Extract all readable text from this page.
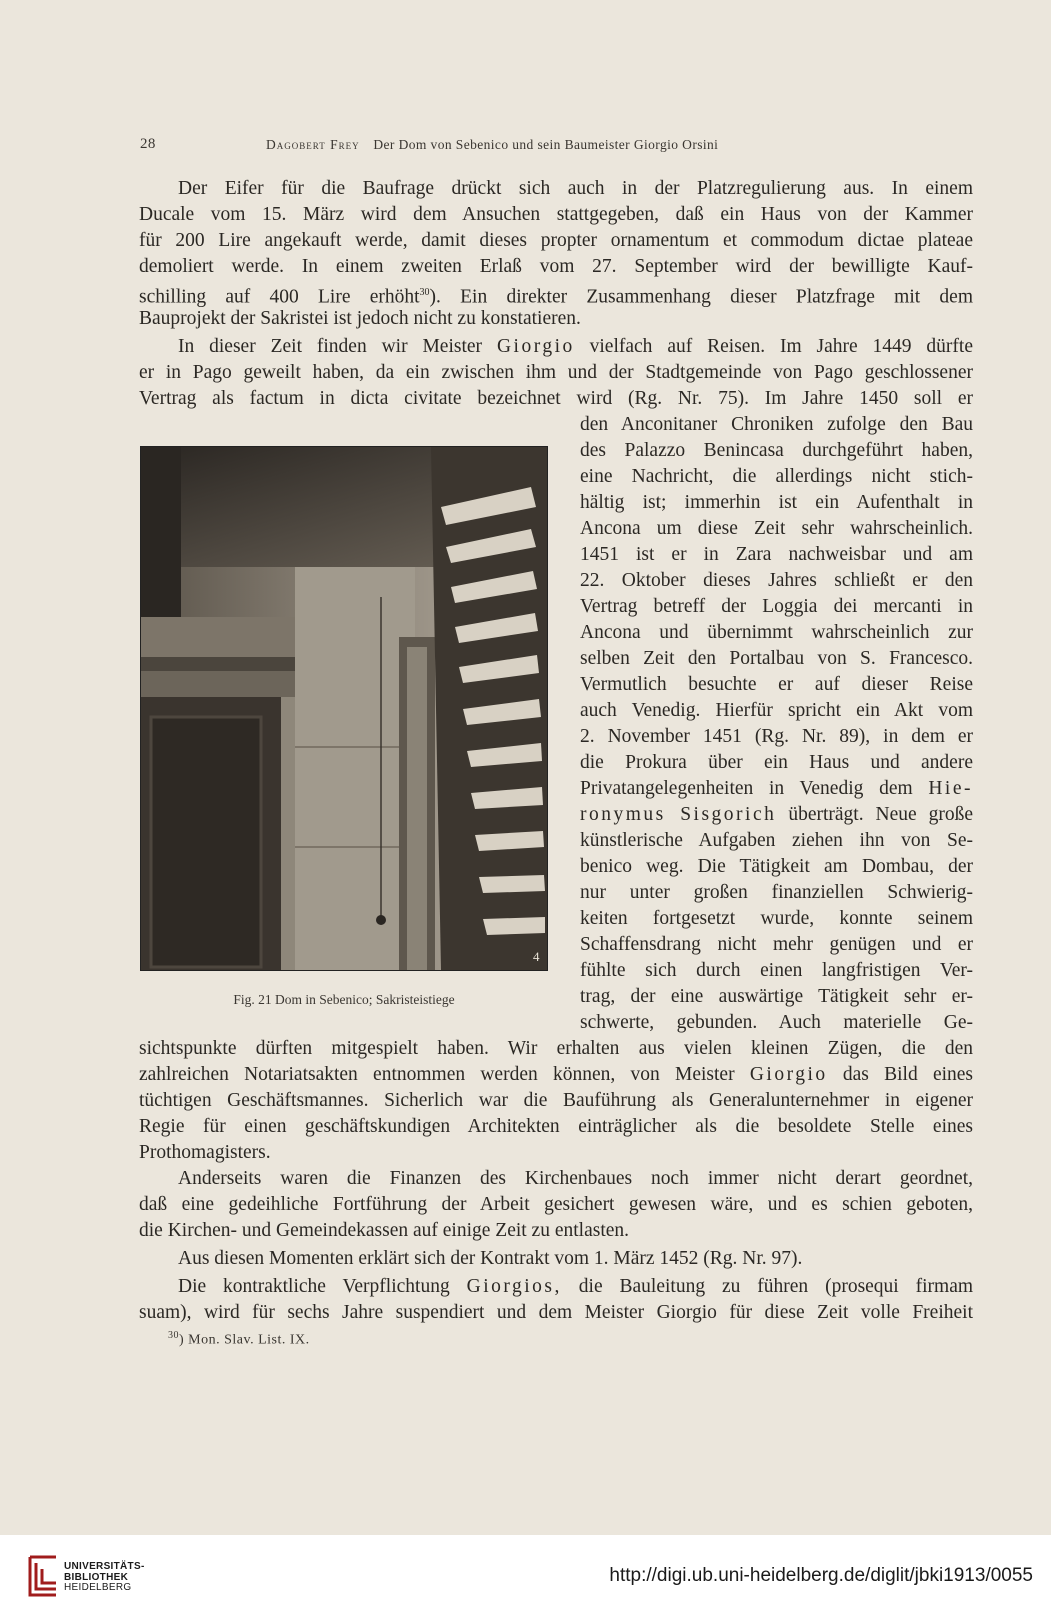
28	Dagobert Frey Der Dom von Sebenico und sein Baumeister Giorgio Orsini
Der Eifer für die Baufrage drückt sich auch in der Platzregulierung aus. In einem
Ducale vom 15. März wird dem Ansuchen stattgegeben, daß ein Haus von der Kammer
für 200 Lire angekauft werde, damit dieses propter ornamentum et commodum dictae plateae
demoliert werde. In einem zweiten Erlaß vom 27. September wird der bewilligte Kauf-
schilling auf 400 Lire erhöht$^{30}$). Ein direkter Zusammenhang dieser Platzfrage mit dem
Bauprojekt der Sakristei ist jedoch nicht zu konstatieren.
In dieser Zeit finden wir Meister Giorgio vielfach auf Reisen. Im Jahre 1449 dürfte
er in Pago geweilt haben, da ein zwischen ihm und der Stadtgemeinde von Pago geschlossener
Vertrag als factum in dicta civitate bezeichnet wird (Rg. Nr. 75). Im Jahre 1450 soll er
den Anconitaner Chroniken zufolge den Bau
des Palazzo Benincasa durchgeführt haben,
eine Nachricht, die allerdings nicht stich-
hältig ist; immerhin ist ein Aufenthalt in
Ancona um diese Zeit sehr wahrscheinlich.
1451 ist er in Zara nachweisbar und am
22. Oktober dieses Jahres schließt er den
Vertrag betreff der Loggia dei mercanti in
Ancona und übernimmt wahrscheinlich zur
selben Zeit den Portalbau von S. Francesco.
Vermutlich besuchte er auf dieser Reise
auch Venedig. Hierfür spricht ein Akt vom
2. November 1451 (Rg. Nr. 89), in dem er
die Prokura über ein Haus und andere
Privatangelegenheiten in Venedig dem Hie-
ronymus Sisgorich überträgt. Neue große
künstlerische Aufgaben ziehen ihn von Se-
benico weg. Die Tätigkeit am Dombau, der
nur unter großen finanziellen Schwierig-
keiten fortgesetzt wurde, konnte seinem
Schaffensdrang nicht mehr genügen und er
fühlte sich durch einen langfristigen Ver-
trag, der eine auswärtige Tätigkeit sehr er-
schwerte, gebunden. Auch materielle Ge-
sichtspunkte dürften mitgespielt haben. Wir erhalten aus vielen kleinen Zügen, die den
zahlreichen Notariatsakten entnommen werden können, von Meister Giorgio das Bild eines
tüchtigen Geschäftsmannes. Sicherlich war die Bauführung als Generalunternehmer in eigener
Regie für einen geschäftskundigen Architekten einträglicher als die besoldete Stelle eines
Prothomagisters.
Anderseits waren die Finanzen des Kirchenbaues noch immer nicht derart geordnet,
daß eine gedeihliche Fortführung der Arbeit gesichert gewesen wäre, und es schien geboten,
die Kirchen- und Gemeindekassen auf einige Zeit zu entlasten.
Aus diesen Momenten erklärt sich der Kontrakt vom 1. März 1452 (Rg. Nr. 97).
Die kontraktliche Verpflichtung Giorgios, die Bauleitung zu führen (prosequi firmam
suam), wird für sechs Jahre suspendiert und dem Meister Giorgio für diese Zeit volle Freiheit
4
Fig. 21 Dom in Sebenico; Sakristeistiege
$^{30}$) Mon. Slav. List. IX.
UNIVERSITÄTS-
BIBLIOTHEK
HEIDELBERG
http://digi.ub.uni-heidelberg.de/diglit/jbki1913/0055
